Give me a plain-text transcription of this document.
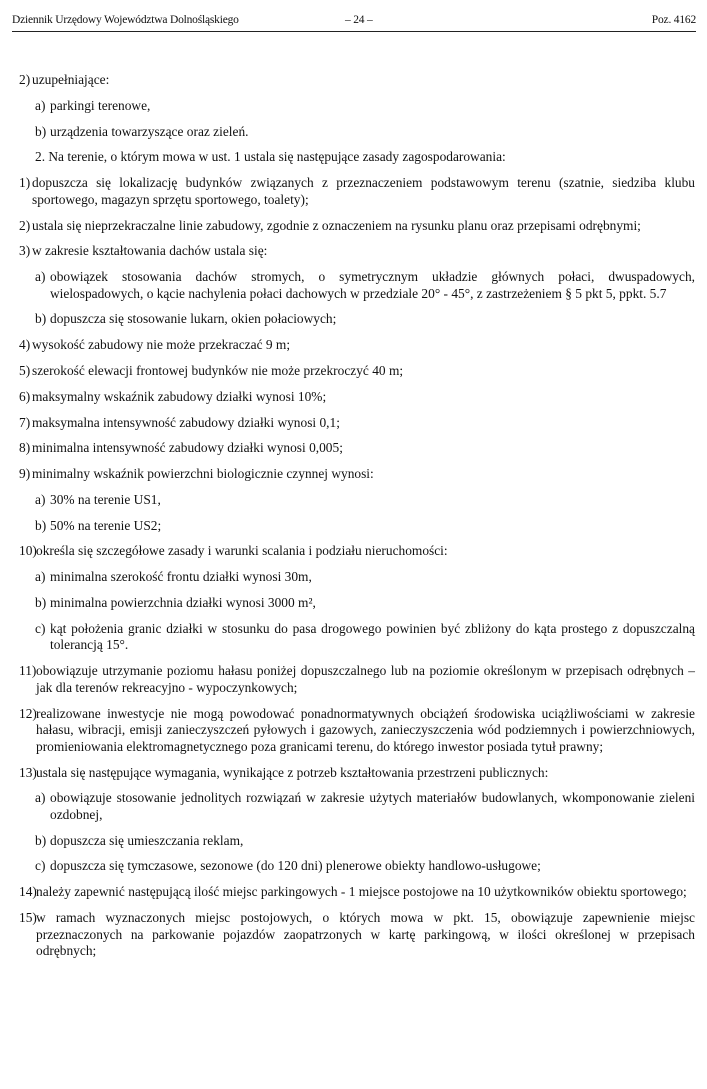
Dziennik Urzędowy Województwa Dolnośląskiego	– 24 –	Poz. 4162

2) uzupełniające:

a) parkingi terenowe,

b) urządzenia towarzyszące oraz zieleń.

2. Na terenie, o którym mowa w ust. 1 ustala się następujące zasady zagospodarowania:

1) dopuszcza się lokalizację budynków związanych z przeznaczeniem podstawowym terenu (szatnie, siedziba klubu sportowego, magazyn sprzętu sportowego, toalety);

2) ustala się nieprzekraczalne linie zabudowy, zgodnie z oznaczeniem na rysunku planu oraz przepisami odrębnymi;

3) w zakresie kształtowania dachów ustala się:

a) obowiązek stosowania dachów stromych, o symetrycznym układzie głównych połaci, dwuspadowych, wielospadowych, o kącie nachylenia połaci dachowych w przedziale 20° - 45°, z zastrzeżeniem § 5 pkt 5, ppkt. 5.7

b) dopuszcza się stosowanie lukarn, okien połaciowych;

4) wysokość zabudowy nie może przekraczać 9 m;

5) szerokość elewacji frontowej budynków nie może przekroczyć 40 m;

6) maksymalny wskaźnik zabudowy działki wynosi 10%;

7) maksymalna intensywność zabudowy działki wynosi 0,1;

8) minimalna intensywność zabudowy działki wynosi 0,005;

9) minimalny wskaźnik powierzchni biologicznie czynnej wynosi:

a) 30% na terenie US1,

b) 50% na terenie US2;

10) określa się szczegółowe zasady i warunki scalania i podziału nieruchomości:

a) minimalna szerokość frontu działki wynosi 30m,

b) minimalna powierzchnia działki wynosi 3000 m²,

c) kąt położenia granic działki w stosunku do pasa drogowego powinien być zbliżony do kąta prostego z dopuszczalną tolerancją 15°.

11) obowiązuje utrzymanie poziomu hałasu poniżej dopuszczalnego lub na poziomie określonym w przepisach odrębnych – jak dla terenów rekreacyjno - wypoczynkowych;

12) realizowane inwestycje nie mogą powodować ponadnormatywnych obciążeń środowiska uciążliwościami w zakresie hałasu, wibracji, emisji zanieczyszczeń pyłowych i gazowych, zanieczyszczenia wód podziemnych i powierzchniowych, promieniowania elektromagnetycznego poza granicami terenu, do którego inwestor posiada tytuł prawny;

13) ustala się następujące wymagania, wynikające z potrzeb kształtowania przestrzeni publicznych:

a) obowiązuje stosowanie jednolitych rozwiązań w zakresie użytych materiałów budowlanych, wkomponowanie zieleni ozdobnej,

b) dopuszcza się umieszczania reklam,

c) dopuszcza się tymczasowe, sezonowe (do 120 dni) plenerowe obiekty handlowo-usługowe;

14) należy zapewnić następującą ilość miejsc parkingowych - 1 miejsce postojowe na 10 użytkowników obiektu sportowego;

15) w ramach wyznaczonych miejsc postojowych, o których mowa w pkt. 15, obowiązuje zapewnienie miejsc przeznaczonych na parkowanie pojazdów zaopatrzonych w kartę parkingową, w ilości określonej w przepisach odrębnych;
